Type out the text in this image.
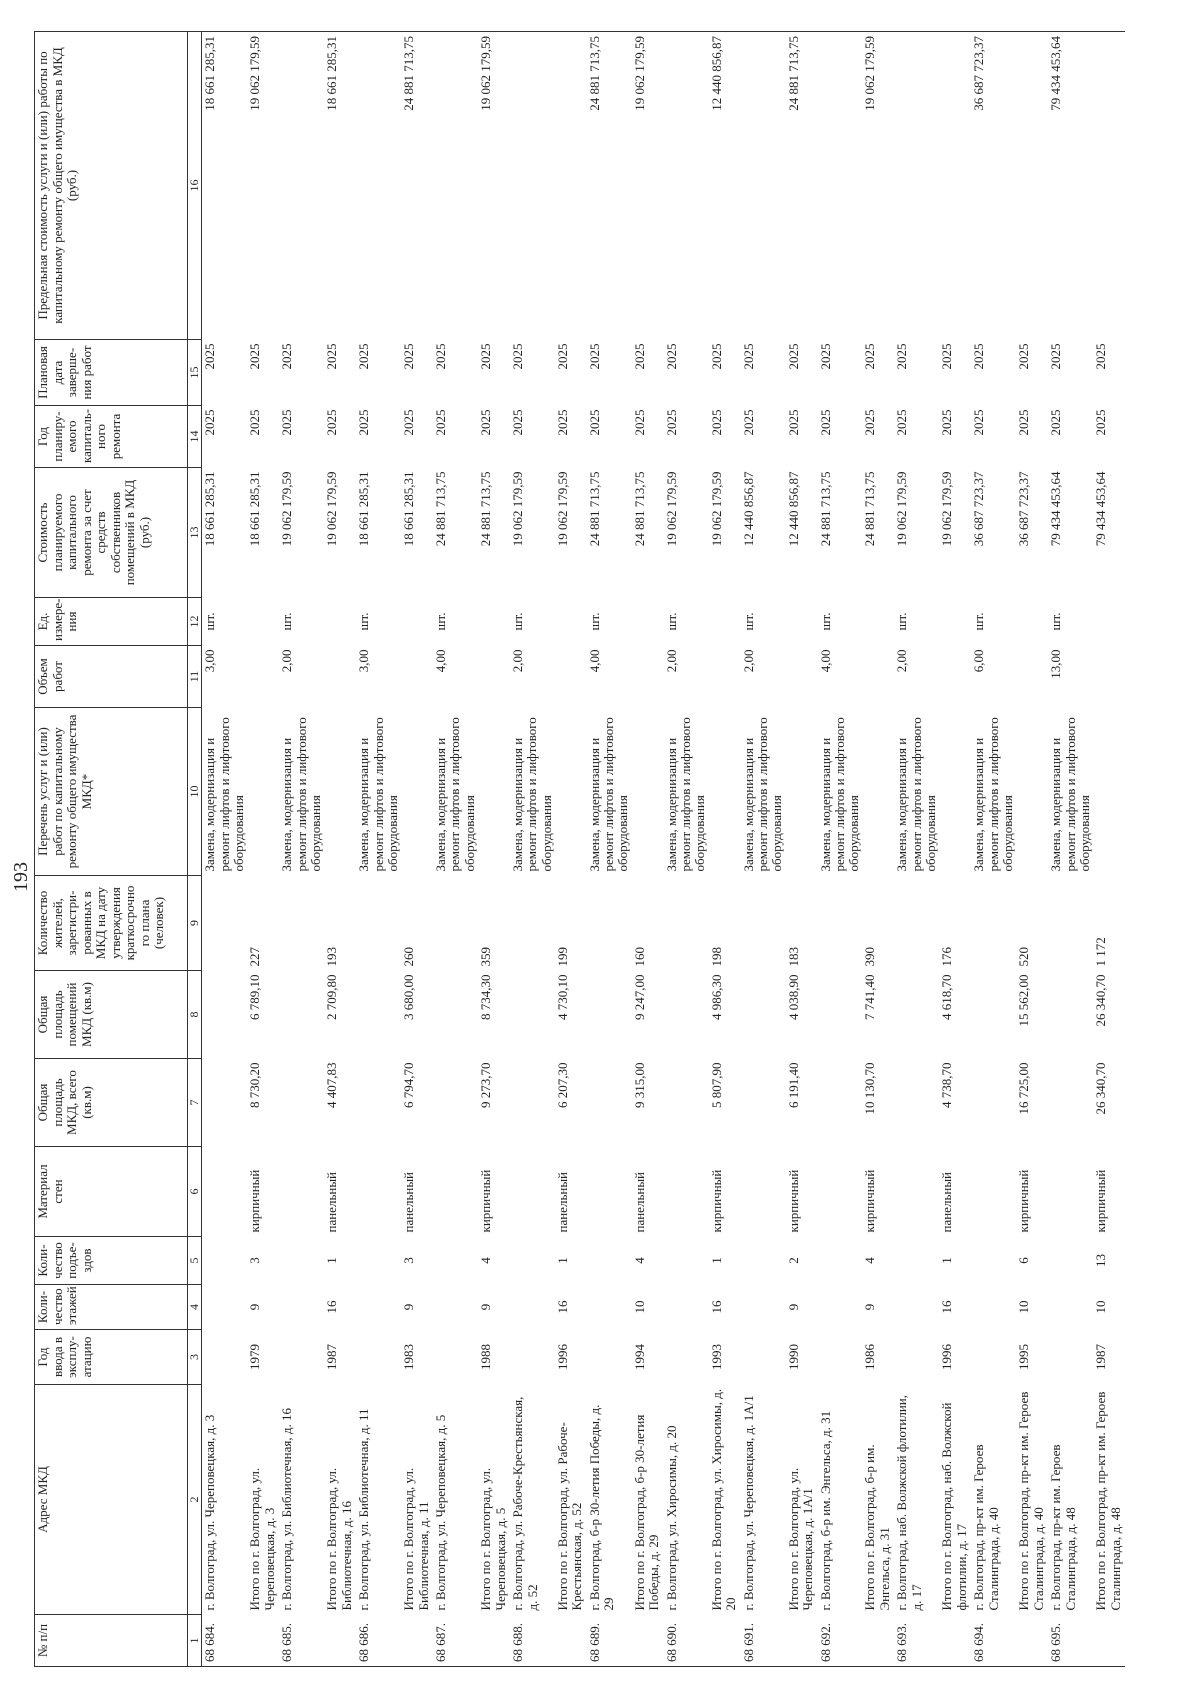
193
№ п/п	Адрес МКД	Год ввода в эксплу- атацию	Коли- чество этажей	Коли- чество подъе- здов	Материал стен	Общая площадь МКД, всего (кв.м)	Общая площадь помещений МКД (кв.м)	Количество жителей, зарегистри- рованных в МКД на дату утверждения краткосрочно го плана (человек)	Перечень услуг и (или) работ по капитальному ремонту общего имущества МКД*	Объем работ	Ед. измере- ния	Стоимость планируемого капитального ремонта за счет средств собственников помещений в МКД (руб.)	Год планиру- емого капиталь- ного ремонта	Плановая дата заверше- ния работ	Предельная стоимость услуги и (или) работы по капитальному ремонту общего имущества в МКД (руб.)
1	2	3	4	5	6	7	8	9	10	11	12	13	14	15	16
68 684.	г. Волгоград, ул. Череповецкая, д. 3								Замена, модернизация и ремонт лифтов и лифтового оборудования	3,00	шт.	18 661 285,31	2025	2025	18 661 285,31
	Итого по г. Волгоград, ул. Череповецкая, д. 3	1979	9	3	кирпичный	8 730,20	6 789,10	227				18 661 285,31	2025	2025	19 062 179,59
68 685.	г. Волгоград, ул. Библиотечная, д. 16								Замена, модернизация и ремонт лифтов и лифтового оборудования	2,00	шт.	19 062 179,59	2025	2025	
	Итого по г. Волгоград, ул. Библиотечная, д. 16	1987	16	1	панельный	4 407,83	2 709,80	193				19 062 179,59	2025	2025	18 661 285,31
68 686.	г. Волгоград, ул. Библиотечная, д. 11								Замена, модернизация и ремонт лифтов и лифтового оборудования	3,00	шт.	18 661 285,31	2025	2025	
	Итого по г. Волгоград, ул. Библиотечная, д. 11	1983	9	3	панельный	6 794,70	3 680,00	260				18 661 285,31	2025	2025	24 881 713,75
68 687.	г. Волгоград, ул. Череповецкая, д. 5								Замена, модернизация и ремонт лифтов и лифтового оборудования	4,00	шт.	24 881 713,75	2025	2025	
	Итого по г. Волгоград, ул. Череповецкая, д. 5	1988	9	4	кирпичный	9 273,70	8 734,30	359				24 881 713,75	2025	2025	19 062 179,59
68 688.	г. Волгоград, ул. Рабоче-Крестьянская, д. 52								Замена, модернизация и ремонт лифтов и лифтового оборудования	2,00	шт.	19 062 179,59	2025	2025	
	Итого по г. Волгоград, ул. Рабоче-Крестьянская, д. 52	1996	16	1	панельный	6 207,30	4 730,10	199				19 062 179,59	2025	2025	
68 689.	г. Волгоград, б-р 30-летия Победы, д. 29								Замена, модернизация и ремонт лифтов и лифтового оборудования	4,00	шт.	24 881 713,75	2025	2025	24 881 713,75
	Итого по г. Волгоград, б-р 30-летия Победы, д. 29	1994	10	4	панельный	9 315,00	9 247,00	160				24 881 713,75	2025	2025	19 062 179,59
68 690.	г. Волгоград, ул. Хиросимы, д. 20								Замена, модернизация и ремонт лифтов и лифтового оборудования	2,00	шт.	19 062 179,59	2025	2025	
	Итого по г. Волгоград, ул. Хиросимы, д. 20	1993	16	1	кирпичный	5 807,90	4 986,30	198				19 062 179,59	2025	2025	12 440 856,87
68 691.	г. Волгоград, ул. Череповецкая, д. 1А/1								Замена, модернизация и ремонт лифтов и лифтового оборудования	2,00	шт.	12 440 856,87	2025	2025	
	Итого по г. Волгоград, ул. Череповецкая, д. 1А/1	1990	9	2	кирпичный	6 191,40	4 038,90	183				12 440 856,87	2025	2025	24 881 713,75
68 692.	г. Волгоград, б-р им. Энгельса, д. 31								Замена, модернизация и ремонт лифтов и лифтового оборудования	4,00	шт.	24 881 713,75	2025	2025	
	Итого по г. Волгоград, б-р им. Энгельса, д. 31	1986	9	4	кирпичный	10 130,70	7 741,40	390				24 881 713,75	2025	2025	19 062 179,59
68 693.	г. Волгоград, наб. Волжской флотилии, д. 17								Замена, модернизация и ремонт лифтов и лифтового оборудования	2,00	шт.	19 062 179,59	2025	2025	
	Итого по г. Волгоград, наб. Волжской флотилии, д. 17	1996	16	1	панельный	4 738,70	4 618,70	176				19 062 179,59	2025	2025	
68 694.	г. Волгоград, пр-кт им. Героев Сталинграда, д. 40								Замена, модернизация и ремонт лифтов и лифтового оборудования	6,00	шт.	36 687 723,37	2025	2025	36 687 723,37
	Итого по г. Волгоград, пр-кт им. Героев Сталинграда, д. 40	1995	10	6	кирпичный	16 725,00	15 562,00	520				36 687 723,37	2025	2025	
68 695.	г. Волгоград, пр-кт им. Героев Сталинграда, д. 48								Замена, модернизация и ремонт лифтов и лифтового оборудования	13,00	шт.	79 434 453,64	2025	2025	79 434 453,64
	Итого по г. Волгоград, пр-кт им. Героев Сталинграда, д. 48	1987	10	13	кирпичный	26 340,70	26 340,70	1 172				79 434 453,64	2025	2025	
